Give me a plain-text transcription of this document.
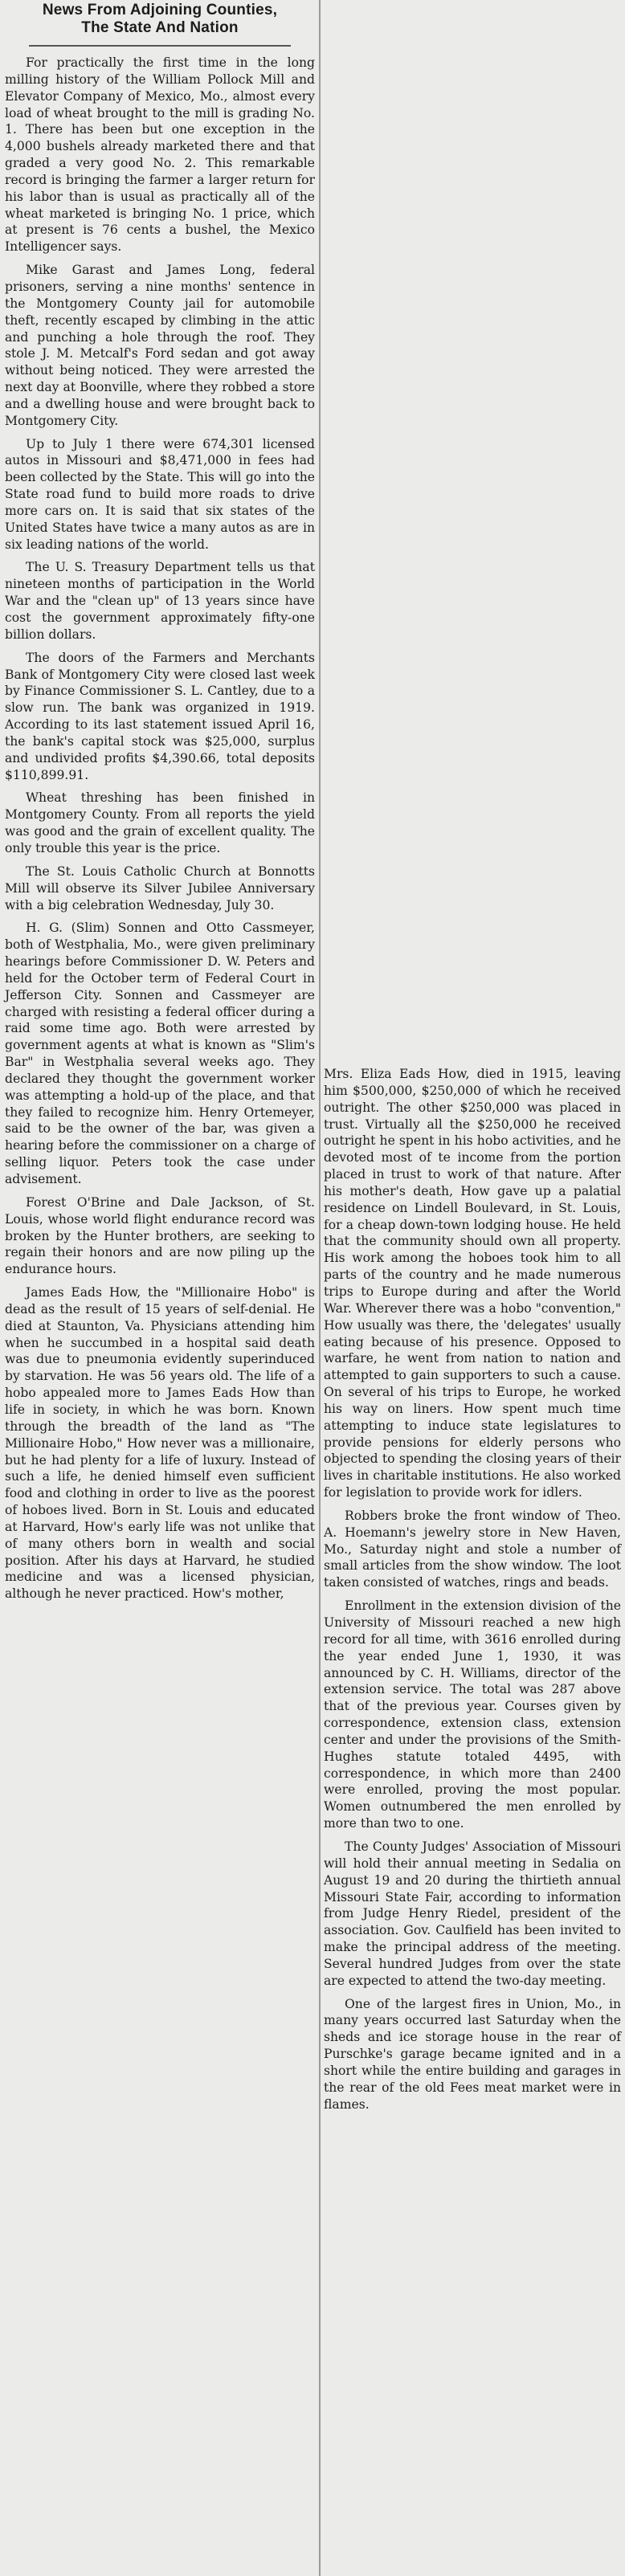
News From Adjoining Counties,
The State And Nation

For practically the first time in the long milling history of the William Pollock Mill and Elevator Company of Mexico, Mo., almost every load of wheat brought to the mill is grading No. 1. There has been but one exception in the 4,000 bushels already marketed there and that graded a very good No. 2. This remarkable record is bringing the farmer a larger return for his labor than is usual as practically all of the wheat marketed is bringing No. 1 price, which at present is 76 cents a bushel, the Mexico Intelligencer says.

Mike Garast and James Long, federal prisoners, serving a nine months' sentence in the Montgomery County jail for automobile theft, recently escaped by climbing in the attic and punching a hole through the roof. They stole J. M. Metcalf's Ford sedan and got away without being noticed. They were arrested the next day at Boonville, where they robbed a store and a dwelling house and were brought back to Montgomery City.

Up to July 1 there were 674,301 licensed autos in Missouri and $8,471,000 in fees had been collected by the State. This will go into the State road fund to build more roads to drive more cars on. It is said that six states of the United States have twice a many autos as are in six leading nations of the world.

The U. S. Treasury Department tells us that nineteen months of participation in the World War and the "clean up" of 13 years since have cost the government approximately fifty-one billion dollars.

The doors of the Farmers and Merchants Bank of Montgomery City were closed last week by Finance Commissioner S. L. Cantley, due to a slow run. The bank was organized in 1919. According to its last statement issued April 16, the bank's capital stock was $25,000, surplus and undivided profits $4,390.66, total deposits $110,899.91.

Wheat threshing has been finished in Montgomery County. From all reports the yield was good and the grain of excellent quality. The only trouble this year is the price.

The St. Louis Catholic Church at Bonnotts Mill will observe its Silver Jubilee Anniversary with a big celebration Wednesday, July 30.

H. G. (Slim) Sonnen and Otto Cassmeyer, both of Westphalia, Mo., were given preliminary hearings before Commissioner D. W. Peters and held for the October term of Federal Court in Jefferson City. Sonnen and Cassmeyer are charged with resisting a federal officer during a raid some time ago. Both were arrested by government agents at what is known as "Slim's Bar" in Westphalia several weeks ago. They declared they thought the government worker was attempting a hold-up of the place, and that they failed to recognize him. Henry Ortemeyer, said to be the owner of the bar, was given a hearing before the commissioner on a charge of selling liquor. Peters took the case under advisement.

Forest O'Brine and Dale Jackson, of St. Louis, whose world flight endurance record was broken by the Hunter brothers, are seeking to regain their honors and are now piling up the endurance hours.

James Eads How, the "Millionaire Hobo" is dead as the result of 15 years of self-denial. He died at Staunton, Va. Physicians attending him when he succumbed in a hospital said death was due to pneumonia evidently superinduced by starvation. He was 56 years old. The life of a hobo appealed more to James Eads How than life in society, in which he was born. Known through the breadth of the land as "The Millionaire Hobo," How never was a millionaire, but he had plenty for a life of luxury. Instead of such a life, he denied himself even sufficient food and clothing in order to live as the poorest of hoboes lived. Born in St. Louis and educated at Harvard, How's early life was not unlike that of many others born in wealth and social position. After his days at Harvard, he studied medicine and was a licensed physician, although he never practiced. How's mother,

Mrs. Eliza Eads How, died in 1915, leaving him $500,000, $250,000 of which he received outright. The other $250,000 was placed in trust. Virtually all the $250,000 he received outright he spent in his hobo activities, and he devoted most of te income from the portion placed in trust to work of that nature. After his mother's death, How gave up a palatial residence on Lindell Boulevard, in St. Louis, for a cheap down-town lodging house. He held that the community should own all property. His work among the hoboes took him to all parts of the country and he made numerous trips to Europe during and after the World War. Wherever there was a hobo "convention," How usually was there, the 'delegates' usually eating because of his presence. Opposed to warfare, he went from nation to nation and attempted to gain supporters to such a cause. On several of his trips to Europe, he worked his way on liners. How spent much time attempting to induce state legislatures to provide pensions for elderly persons who objected to spending the closing years of their lives in charitable institutions. He also worked for legislation to provide work for idlers.

Robbers broke the front window of Theo. A. Hoemann's jewelry store in New Haven, Mo., Saturday night and stole a number of small articles from the show window. The loot taken consisted of watches, rings and beads.

Enrollment in the extension division of the University of Missouri reached a new high record for all time, with 3616 enrolled during the year ended June 1, 1930, it was announced by C. H. Williams, director of the extension service. The total was 287 above that of the previous year. Courses given by correspondence, extension class, extension center and under the provisions of the Smith-Hughes statute totaled 4495, with correspondence, in which more than 2400 were enrolled, proving the most popular. Women outnumbered the men enrolled by more than two to one.

The County Judges' Association of Missouri will hold their annual meeting in Sedalia on August 19 and 20 during the thirtieth annual Missouri State Fair, according to information from Judge Henry Riedel, president of the association. Gov. Caulfield has been invited to make the principal address of the meeting. Several hundred Judges from over the state are expected to attend the two-day meeting.

One of the largest fires in Union, Mo., in many years occurred last Saturday when the sheds and ice storage house in the rear of Purschke's garage became ignited and in a short while the entire building and garages in the rear of the old Fees meat market were in flames.
